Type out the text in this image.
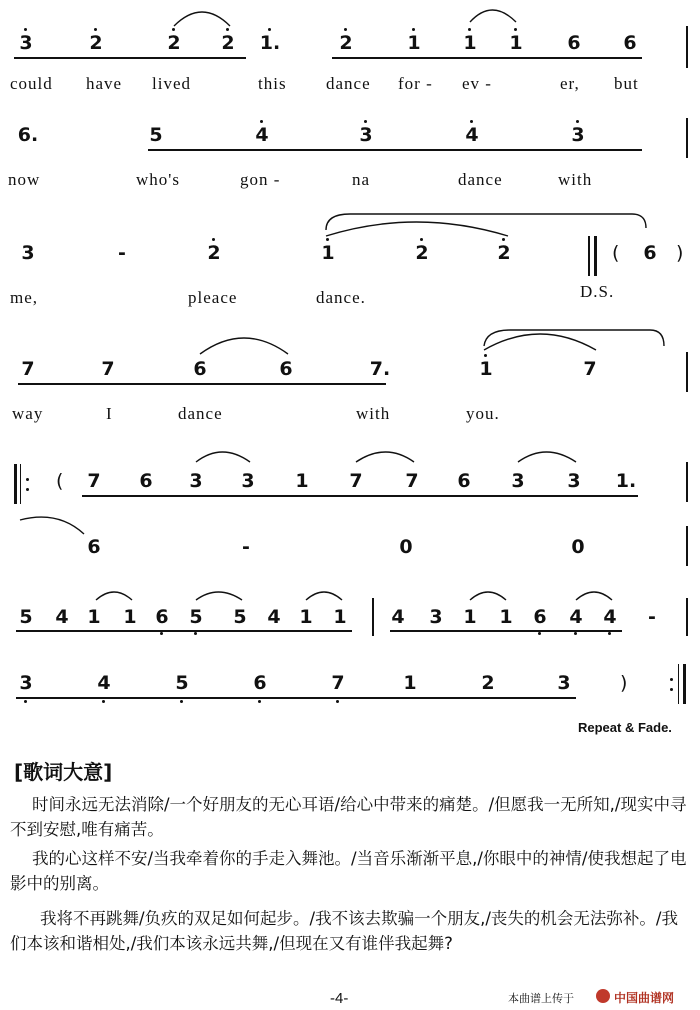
3	2	2 2 1.	2	1 1 1 6 6
could have lived	this dance for - ev -	er, but
6.	5	4	3	4	3
now	who's	gon -	na	dance	with
3	-	2	1	2	2	( 6 )
me,	pleace	dance.	D.S.
7	7	6	6	7.	1	7
way	I	dance	with	you.
( 7 6 3 3 1 7 7 6 3 3 1.
6	-	0	0
5 4 1 1 6 5 5 4 1 1 4 3 1 1 6 4 4	-
3	4	5	6	7	1	2	3	)
Repeat & Fade.
[歌词大意]
时间永远无法消除/一个好朋友的无心耳语/给心中带来的痛楚。/但愿我一无所知,/现实中寻不到安慰,唯有痛苦。
我的心这样不安/当我牵着你的手走入舞池。/当音乐渐渐平息,/你眼中的神情/使我想起了电影中的别离。
我将不再跳舞/负疚的双足如何起步。/我不该去欺骗一个朋友,/丧失的机会无法弥补。/我们本该和谐相处,/我们本该永远共舞,/但现在又有谁伴我起舞?
-4-	本曲谱上传于	中国曲谱网
